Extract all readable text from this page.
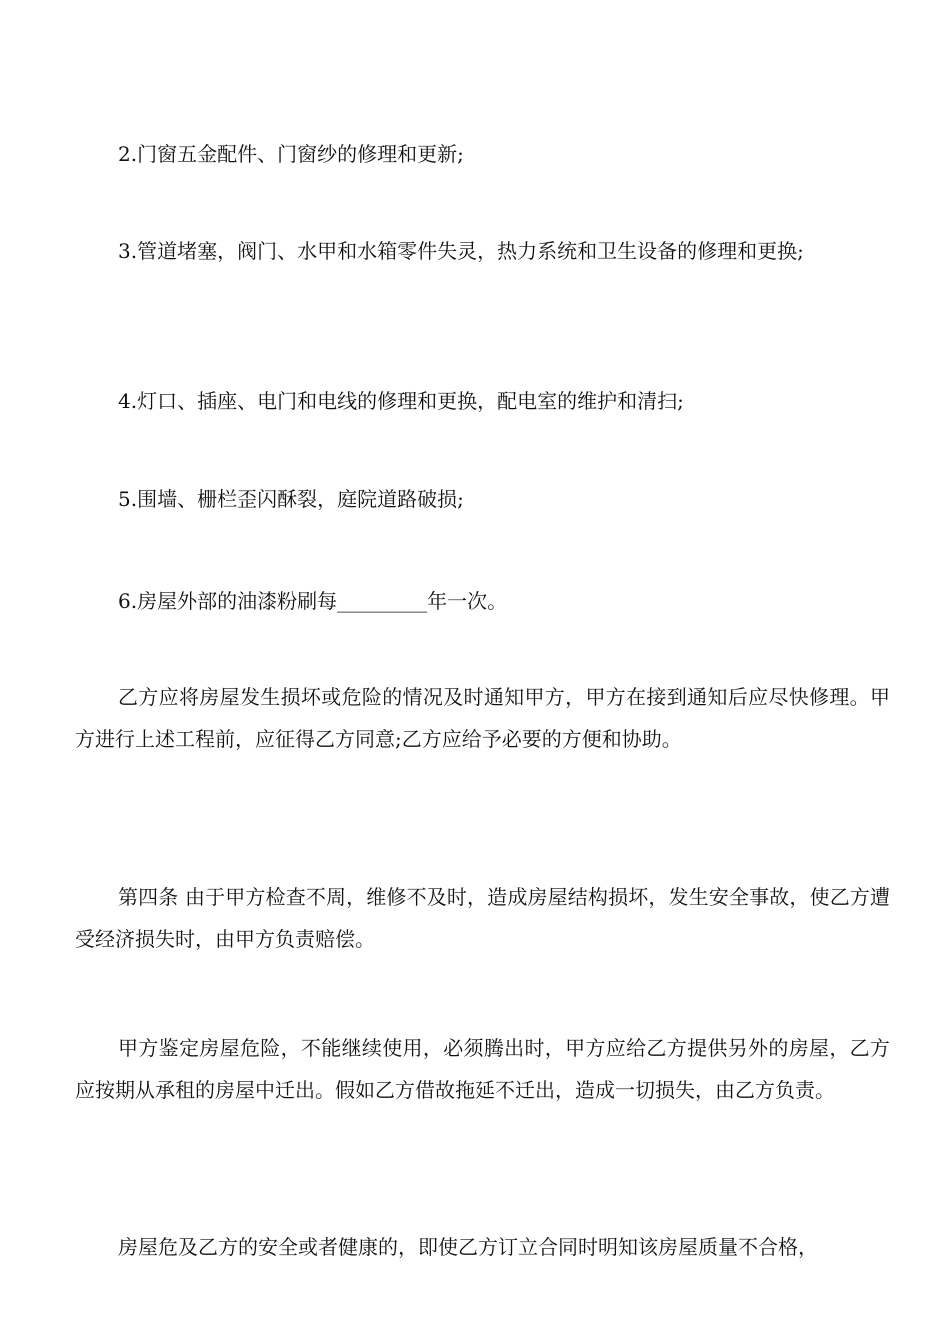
2.门窗五金配件、门窗纱的修理和更新;

3.管道堵塞，阀门、水甲和水箱零件失灵，热力系统和卫生设备的修理和更换;

4.灯口、插座、电门和电线的修理和更换，配电室的维护和清扫;

5.围墙、栅栏歪闪酥裂，庭院道路破损;

6.房屋外部的油漆粉刷每_________年一次。

乙方应将房屋发生损坏或危险的情况及时通知甲方，甲方在接到通知后应尽快修理。甲方进行上述工程前，应征得乙方同意;乙方应给予必要的方便和协助。

第四条 由于甲方检查不周，维修不及时，造成房屋结构损坏，发生安全事故，使乙方遭受经济损失时，由甲方负责赔偿。

甲方鉴定房屋危险，不能继续使用，必须腾出时，甲方应给乙方提供另外的房屋，乙方应按期从承租的房屋中迁出。假如乙方借故拖延不迁出，造成一切损失，由乙方负责。

房屋危及乙方的安全或者健康的，即使乙方订立合同时明知该房屋质量不合格，
